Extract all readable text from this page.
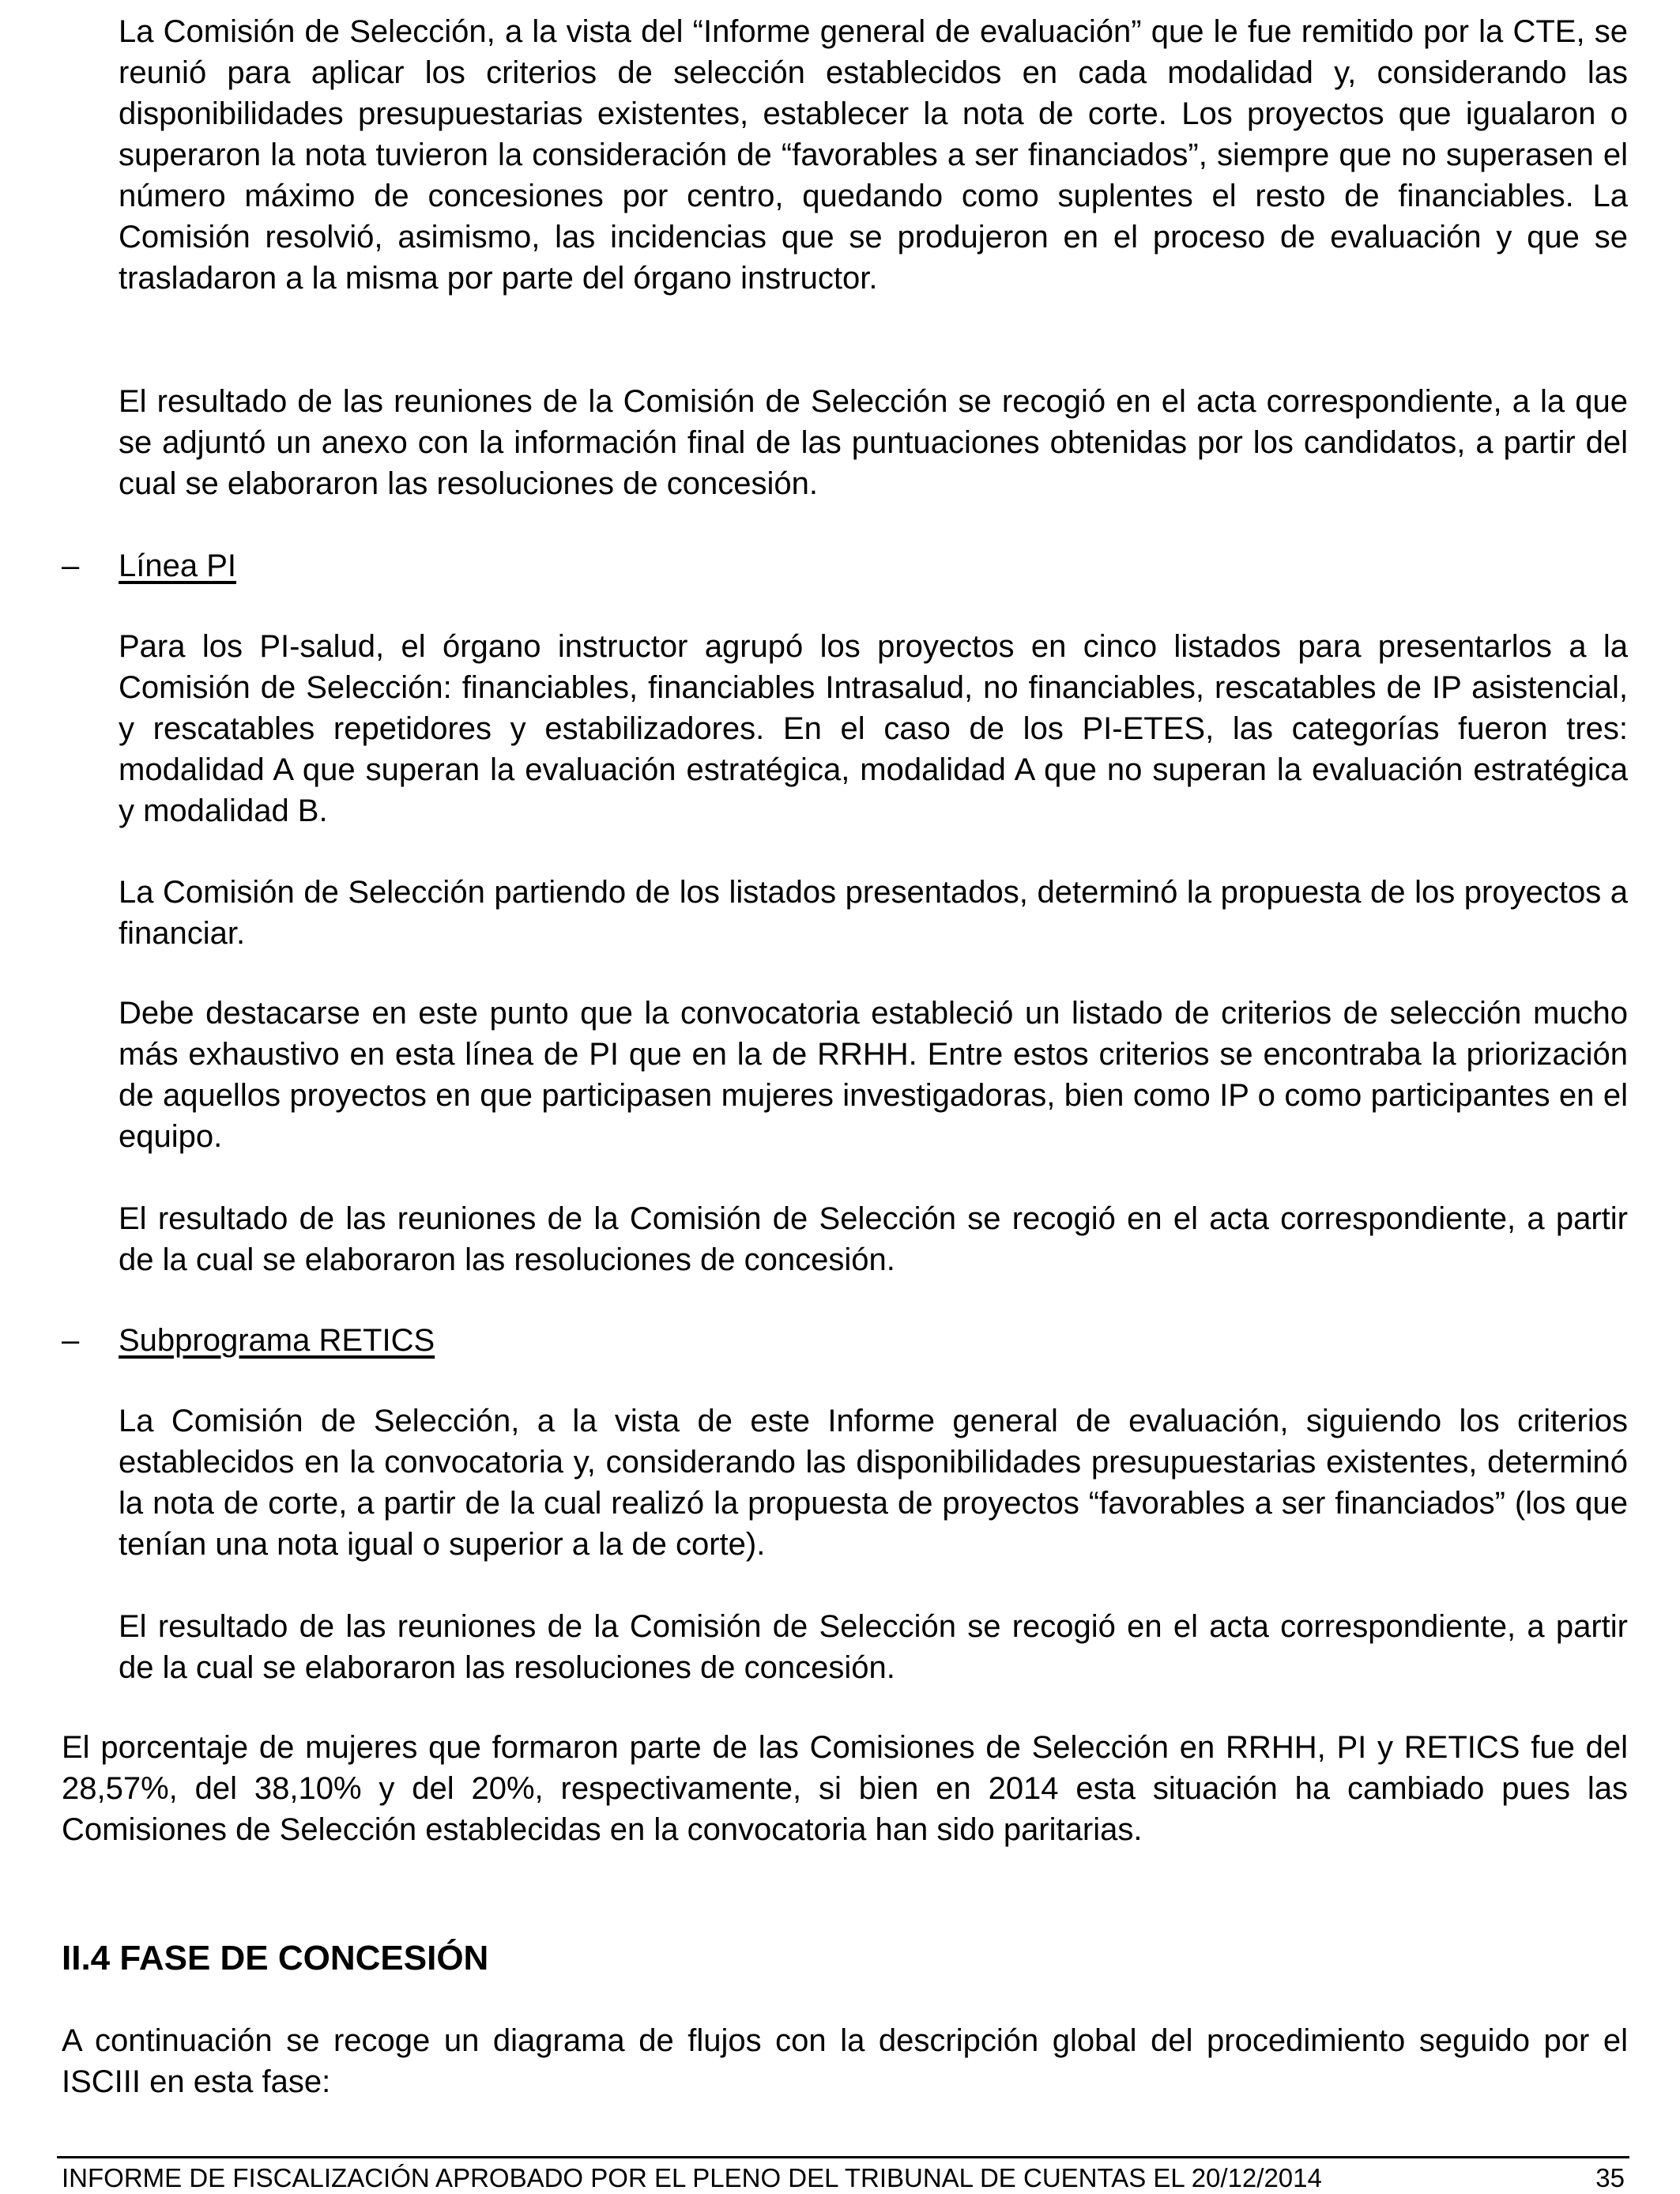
La Comisión de Selección, a la vista del “Informe general de evaluación” que le fue remitido por la CTE, se reunió para aplicar los criterios de selección establecidos en cada modalidad y, considerando las disponibilidades presupuestarias existentes, establecer la nota de corte. Los proyectos que igualaron o superaron la nota tuvieron la consideración de “favorables a ser financiados”, siempre que no superasen el número máximo de concesiones por centro, quedando como suplentes el resto de financiables. La Comisión resolvió, asimismo, las incidencias que se produjeron en el proceso de evaluación y que se trasladaron a la misma por parte del órgano instructor.

El resultado de las reuniones de la Comisión de Selección se recogió en el acta correspondiente, a la que se adjuntó un anexo con la información final de las puntuaciones obtenidas por los candidatos, a partir del cual se elaboraron las resoluciones de concesión.

– Línea PI

Para los PI-salud, el órgano instructor agrupó los proyectos en cinco listados para presentarlos a la Comisión de Selección: financiables, financiables Intrasalud, no financiables, rescatables de IP asistencial, y rescatables repetidores y estabilizadores. En el caso de los PI-ETES, las categorías fueron tres: modalidad A que superan la evaluación estratégica, modalidad A que no superan la evaluación estratégica y modalidad B.

La Comisión de Selección partiendo de los listados presentados, determinó la propuesta de los proyectos a financiar.

Debe destacarse en este punto que la convocatoria estableció un listado de criterios de selección mucho más exhaustivo en esta línea de PI que en la de RRHH. Entre estos criterios se encontraba la priorización de aquellos proyectos en que participasen mujeres investigadoras, bien como IP o como participantes en el equipo.

El resultado de las reuniones de la Comisión de Selección se recogió en el acta correspondiente, a partir de la cual se elaboraron las resoluciones de concesión.

– Subprograma RETICS

La Comisión de Selección, a la vista de este Informe general de evaluación, siguiendo los criterios establecidos en la convocatoria y, considerando las disponibilidades presupuestarias existentes, determinó la nota de corte, a partir de la cual realizó la propuesta de proyectos “favorables a ser financiados” (los que tenían una nota igual o superior a la de corte).

El resultado de las reuniones de la Comisión de Selección se recogió en el acta correspondiente, a partir de la cual se elaboraron las resoluciones de concesión.

El porcentaje de mujeres que formaron parte de las Comisiones de Selección en RRHH, PI y RETICS fue del 28,57%, del 38,10% y del 20%, respectivamente, si bien en 2014 esta situación ha cambiado pues las Comisiones de Selección establecidas en la convocatoria han sido paritarias.

II.4 FASE DE CONCESIÓN

A continuación se recoge un diagrama de flujos con la descripción global del procedimiento seguido por el ISCIII en esta fase:

INFORME DE FISCALIZACIÓN APROBADO POR EL PLENO DEL TRIBUNAL DE CUENTAS EL 20/12/2014	35
